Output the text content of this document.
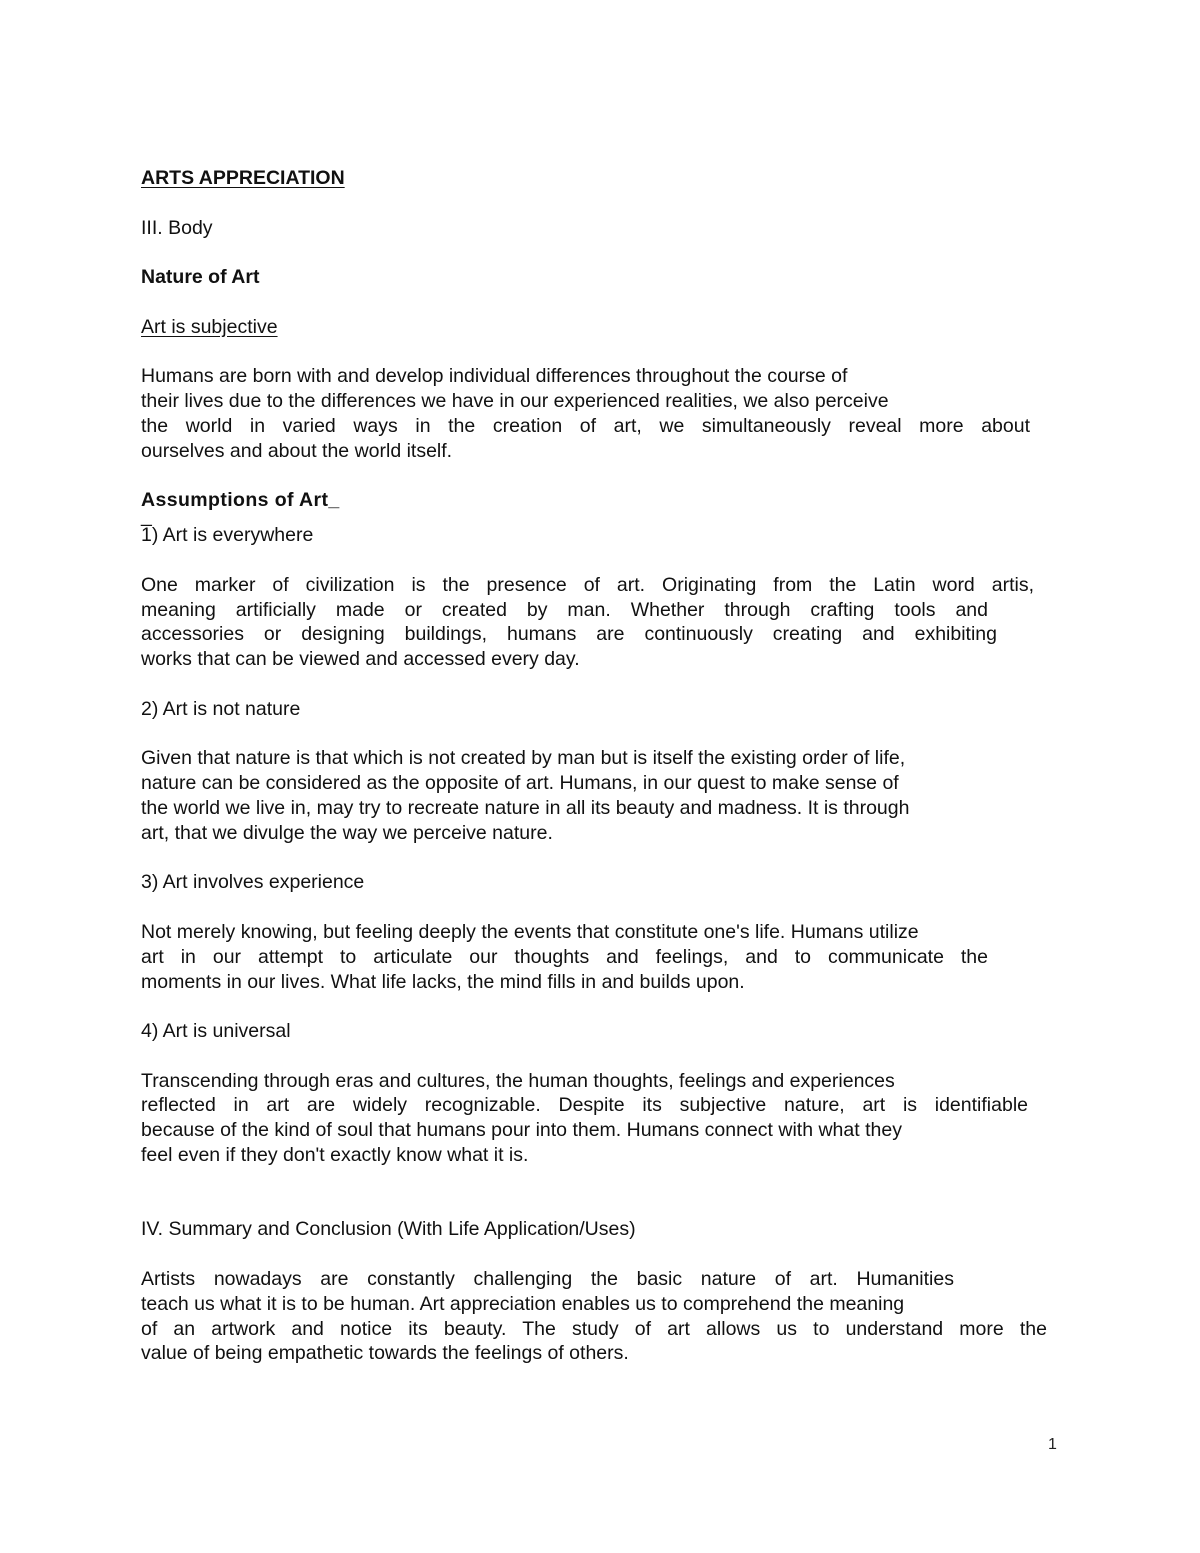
ARTS APPRECIATION
III. Body
Nature of Art
Art is subjective
Humans are born with and develop individual differences throughout the course of
their lives due to the differences we have in our experienced realities, we also perceive
the world in varied ways in the creation of art, we simultaneously reveal more about
ourselves and about the world itself.
Assumptions of Art_
_
1) Art is everywhere
One marker of civilization is the presence of art. Originating from the Latin word artis,
meaning artificially made or created by man. Whether through crafting tools and
accessories or designing buildings, humans are continuously creating and exhibiting
works that can be viewed and accessed every day.
2) Art is not nature
Given that nature is that which is not created by man but is itself the existing order of life,
nature can be considered as the opposite of art. Humans, in our quest to make sense of
the world we live in, may try to recreate nature in all its beauty and madness. It is through
art, that we divulge the way we perceive nature.
3) Art involves experience
Not merely knowing, but feeling deeply the events that constitute one's life. Humans utilize
art in our attempt to articulate our thoughts and feelings, and to communicate the
moments in our lives. What life lacks, the mind fills in and builds upon.
4) Art is universal
Transcending through eras and cultures, the human thoughts, feelings and experiences
reflected in art are widely recognizable. Despite its subjective nature, art is identifiable
because of the kind of soul that humans pour into them. Humans connect with what they
feel even if they don't exactly know what it is.
IV. Summary and Conclusion (With Life Application/Uses)
Artists nowadays are constantly challenging the basic nature of art. Humanities
teach us what it is to be human. Art appreciation enables us to comprehend the meaning
of an artwork and notice its beauty. The study of art allows us to understand more the
value of being empathetic towards the feelings of others.
1
